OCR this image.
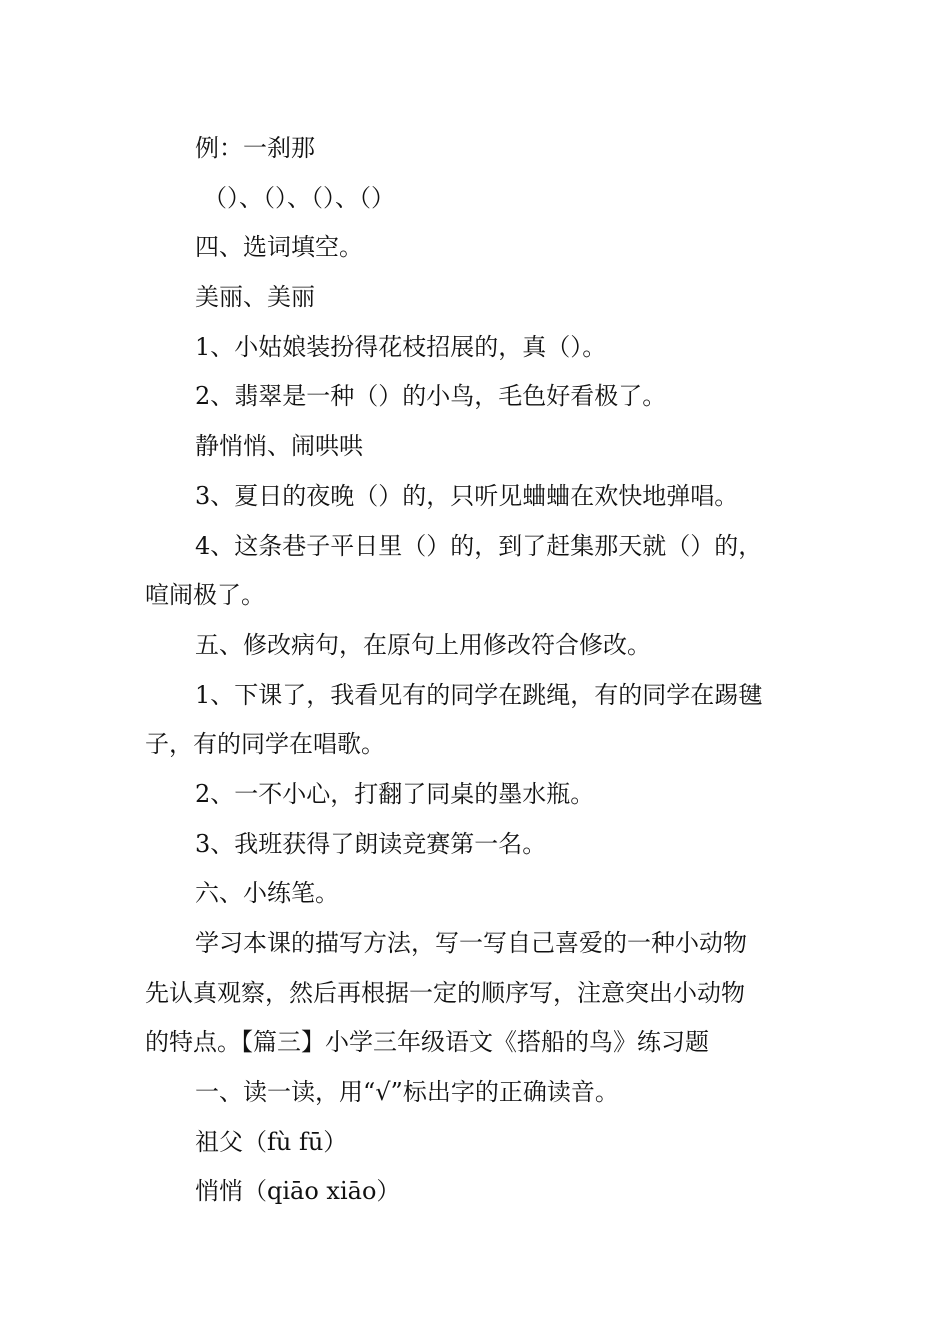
例：一刹那
（）、（）、（）、（）
四、选词填空。
美丽、美丽
1、小姑娘装扮得花枝招展的，真（）。
2、翡翠是一种（）的小鸟，毛色好看极了。
静悄悄、闹哄哄
3、夏日的夜晚（）的，只听见蛐蛐在欢快地弹唱。
4、这条巷子平日里（）的，到了赶集那天就（）的，
喧闹极了。
五、修改病句，在原句上用修改符合修改。
1、下课了，我看见有的同学在跳绳，有的同学在踢毽
子，有的同学在唱歌。
2、一不小心，打翻了同桌的墨水瓶。
3、我班获得了朗读竞赛第一名。
六、小练笔。
学习本课的描写方法，写一写自己喜爱的一种小动物
先认真观察，然后再根据一定的顺序写，注意突出小动物
的特点。【篇三】小学三年级语文《搭船的鸟》练习题
一、读一读，用“√”标出字的正确读音。
祖父（fù fū）
悄悄（qiāo xiāo）
